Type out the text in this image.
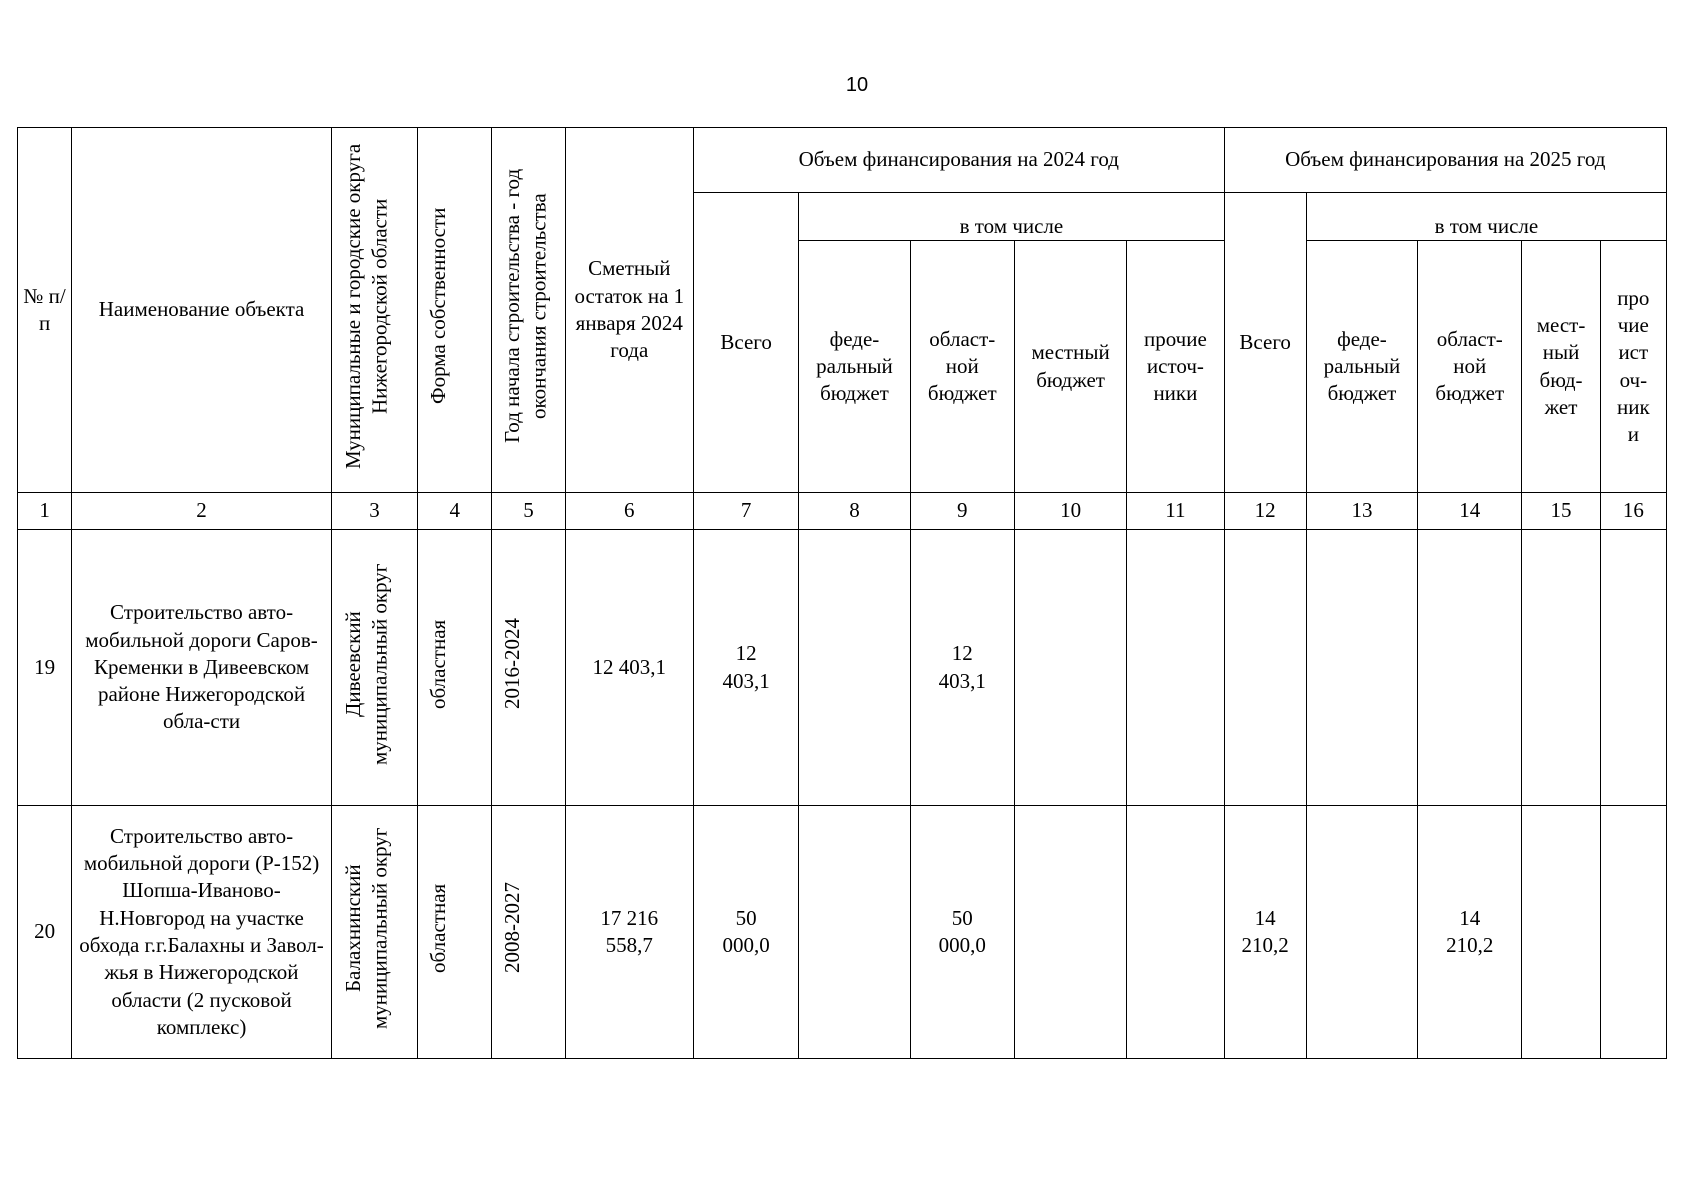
10
№ п/п	Наименование объекта	Муниципальные и городские округа Нижегородской области	Форма собственности	Год начала строительства - год окончания строительства	Сметный остаток на 1 января 2024 года	Объем финансирования на 2024 год					Объем финансирования на 2025 год				
						Всего	в том числе				Всего	в том числе			

							феде-ральный бюджет	област-ной бюджет	местный бюджет	прочие источ-ники		феде-ральный бюджет	област-ной бюджет	мест-ный бюд-жет	про чие ист оч-ник и
1	2	3	4	5	6	7	8	9	10	11	12	13	14	15	16
19	Строительство авто-мобильной дороги Саров-Кременки в Дивеевском районе Нижегородской обла-сти	Дивеевский муниципальный округ	областная	2016-2024	12 403,1	12 403,1		12 403,1							
20	Строительство авто-мобильной дороги (Р-152) Шопша-Иваново-Н.Новгород на участке обхода г.г.Балахны и Завол-жья в Нижегородской области (2 пусковой комплекс)	Балахнинский муниципальный округ	областная	2008-2027	17 216 558,7	50 000,0		50 000,0			14 210,2		14 210,2		
